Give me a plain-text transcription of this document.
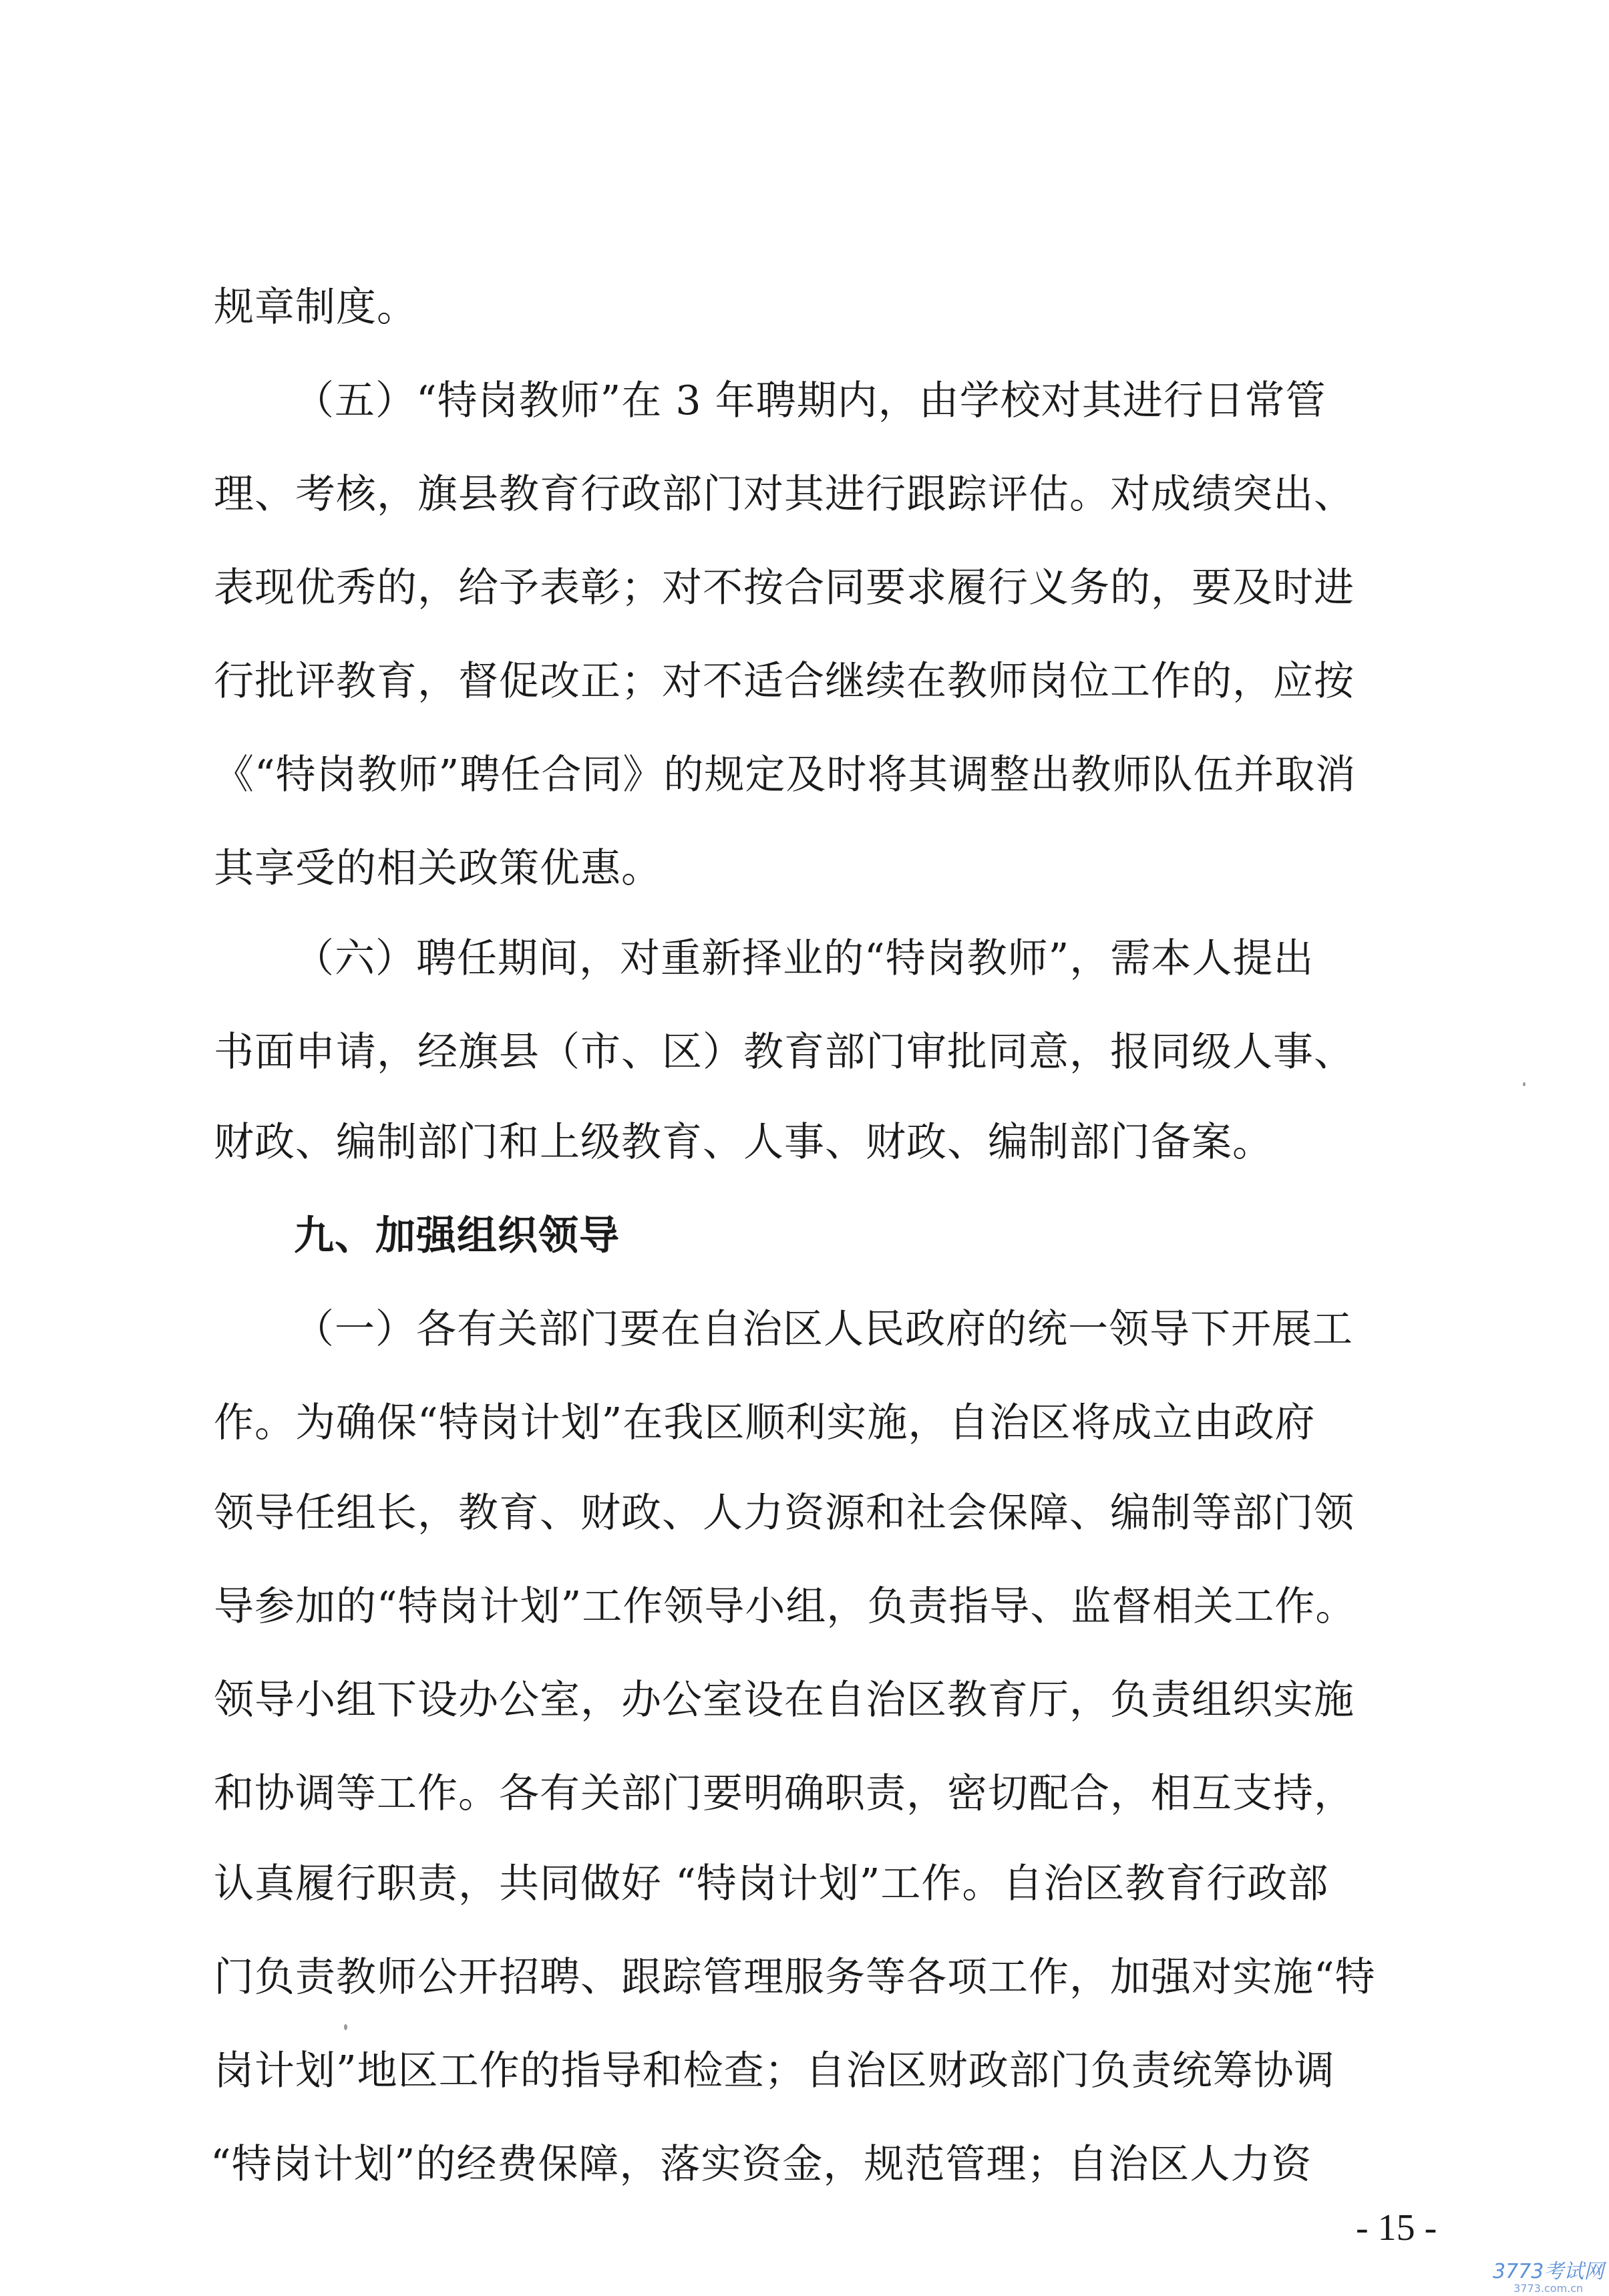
规章制度。
（五）“特岗教师”在 3 年聘期内，由学校对其进行日常管
理、考核，旗县教育行政部门对其进行跟踪评估。对成绩突出、
表现优秀的，给予表彰；对不按合同要求履行义务的，要及时进
行批评教育，督促改正；对不适合继续在教师岗位工作的，应按
《“特岗教师”聘任合同》的规定及时将其调整出教师队伍并取消
其享受的相关政策优惠。
（六）聘任期间，对重新择业的“特岗教师”，需本人提出
书面申请，经旗县（市、区）教育部门审批同意，报同级人事、
财政、编制部门和上级教育、人事、财政、编制部门备案。
九、加强组织领导
（一）各有关部门要在自治区人民政府的统一领导下开展工
作。为确保“特岗计划”在我区顺利实施，自治区将成立由政府
领导任组长，教育、财政、人力资源和社会保障、编制等部门领
导参加的“特岗计划”工作领导小组，负责指导、监督相关工作。
领导小组下设办公室，办公室设在自治区教育厅，负责组织实施
和协调等工作。各有关部门要明确职责，密切配合，相互支持，
认真履行职责，共同做好 “特岗计划”工作。自治区教育行政部
门负责教师公开招聘、跟踪管理服务等各项工作，加强对实施“特
岗计划”地区工作的指导和检查；自治区财政部门负责统筹协调
“特岗计划”的经费保障，落实资金，规范管理；自治区人力资
- 15 -
3773考试网
3773.com.cn
